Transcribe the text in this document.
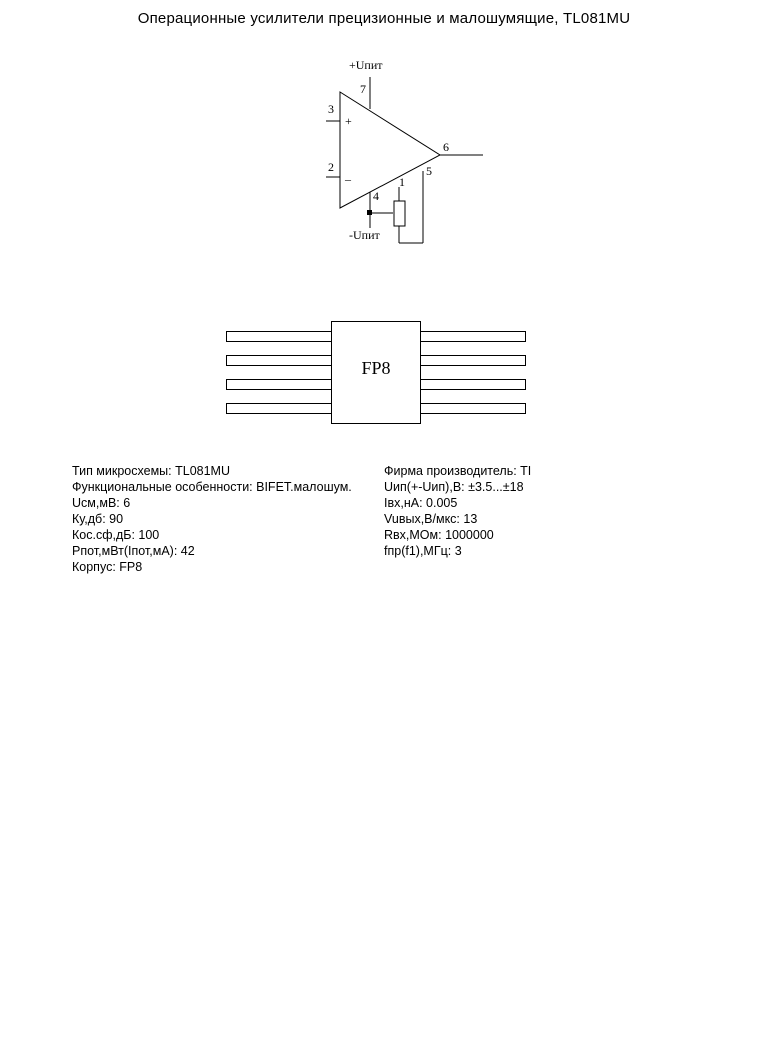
Операционные усилители прецизионные и малошумящие, TL081MU
+Uпит
7
3
2
6
4
1
5
-Uпит
+
–
FP8
Тип микросхемы: TL081MU
Функциональные особенности: BIFET.малошум.
Uсм,мВ: 6
Ку,дб: 90
Кос.сф,дБ: 100
Pпот,мВт(Iпот,мА): 42
Корпус: FP8
Фирма производитель: TI
Uип(+-Uип),В: ±3.5...±18
Iвх,нА: 0.005
Vuвых,В/мкс: 13
Rвх,МОм: 1000000
fпр(f1),МГц: 3
